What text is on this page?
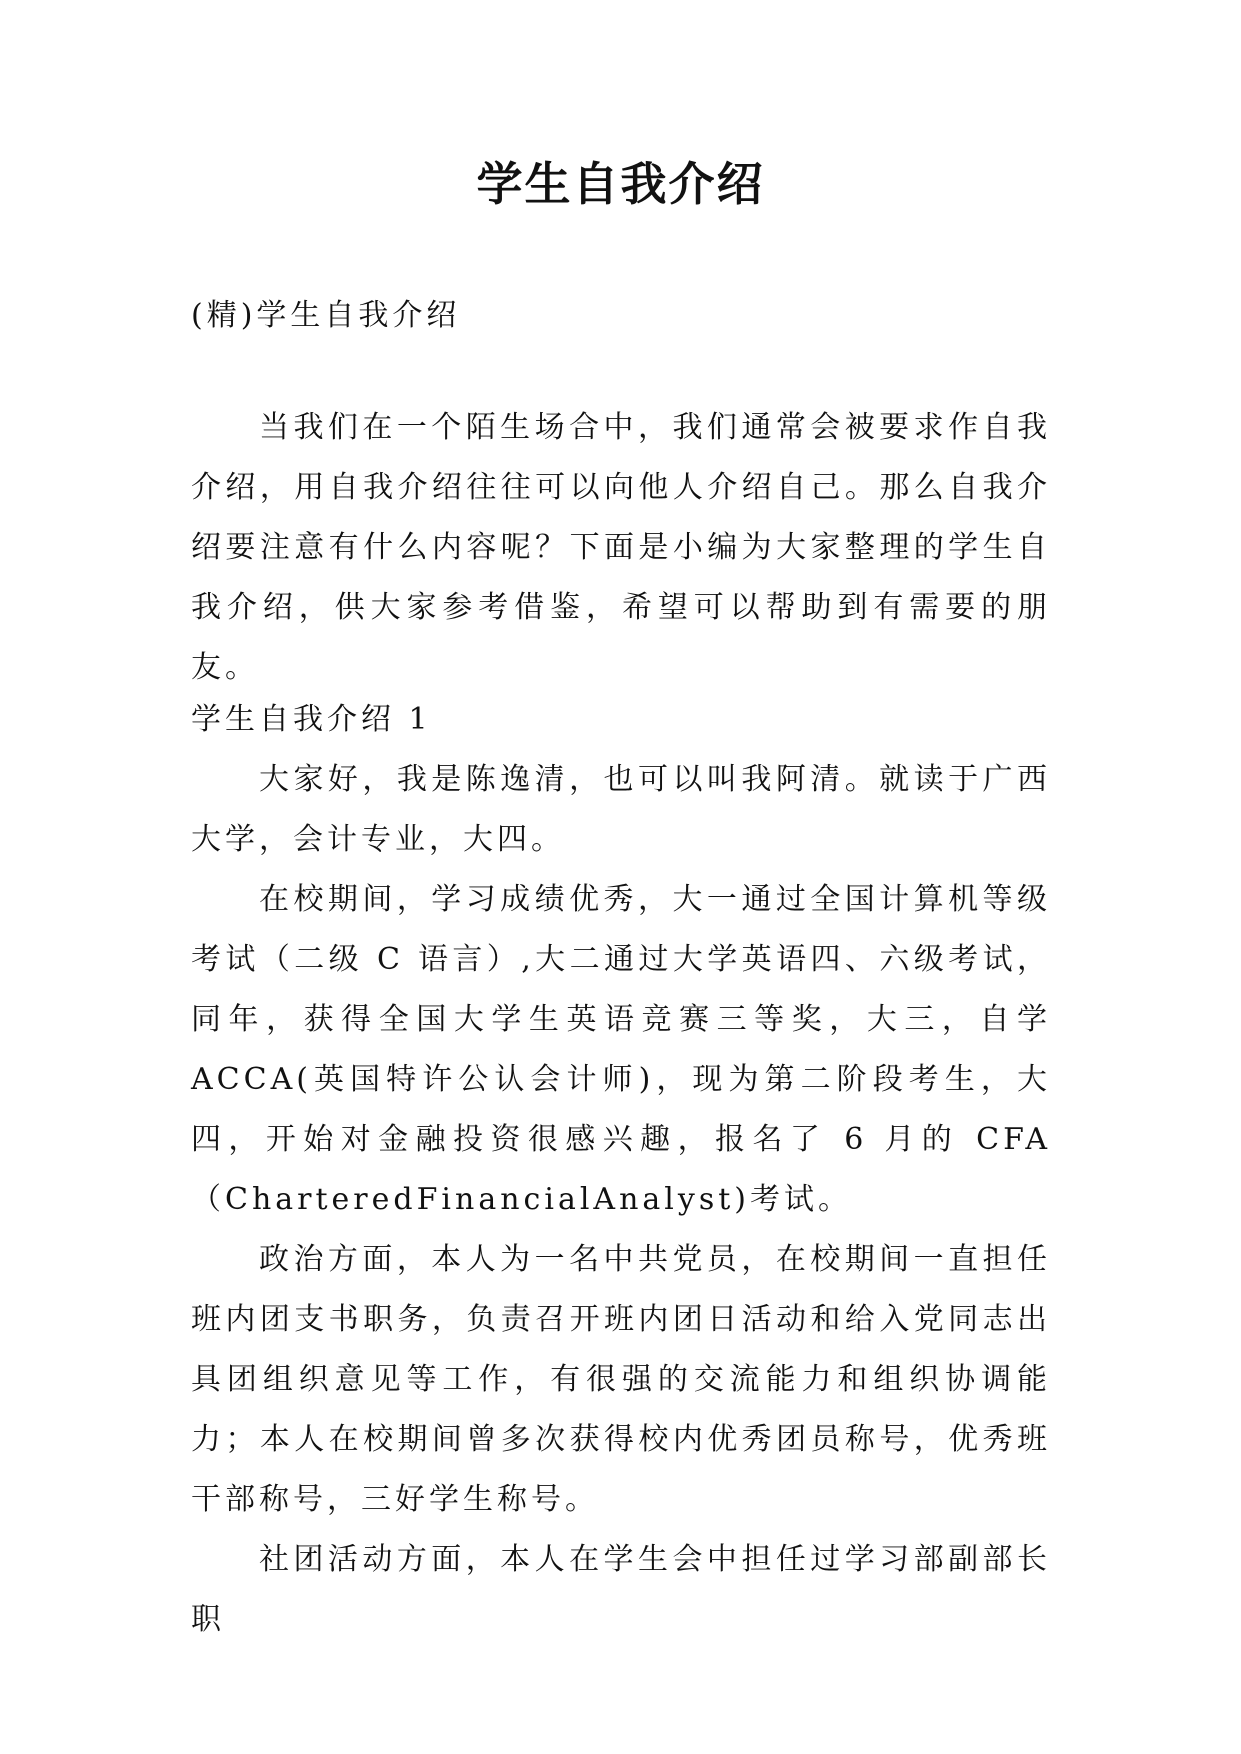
学生自我介绍
(精)学生自我介绍

当我们在一个陌生场合中，我们通常会被要求作自我介绍，用自我介绍往往可以向他人介绍自己。那么自我介绍要注意有什么内容呢？下面是小编为大家整理的学生自我介绍，供大家参考借鉴，希望可以帮助到有需要的朋友。

学生自我介绍 1

大家好，我是陈逸清，也可以叫我阿清。就读于广西大学，会计专业，大四。

在校期间，学习成绩优秀，大一通过全国计算机等级考试（二级 C 语言）,大二通过大学英语四、六级考试，同年，获得全国大学生英语竞赛三等奖，大三，自学 ACCA(英国特许公认会计师)，现为第二阶段考生，大四，开始对金融投资很感兴趣，报名了 6 月的 CFA（CharteredFinancialAnalyst)考试。

政治方面，本人为一名中共党员，在校期间一直担任班内团支书职务，负责召开班内团日活动和给入党同志出具团组织意见等工作，有很强的交流能力和组织协调能力；本人在校期间曾多次获得校内优秀团员称号，优秀班干部称号，三好学生称号。

社团活动方面，本人在学生会中担任过学习部副部长职
